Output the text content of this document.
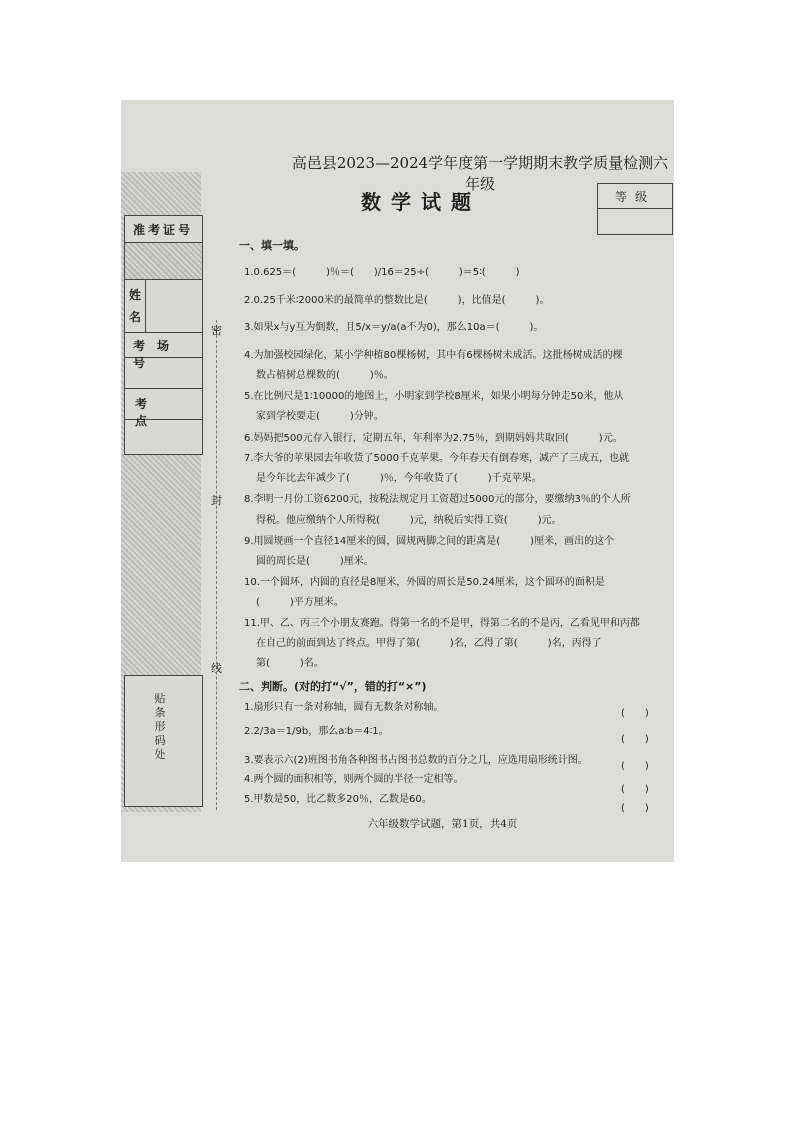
准考证号
姓名
考场号
考点
贴条形码处
密
封
线
高邑县2023—2024学年度第一学期期末教学质量检测六年级
数学试题	等级
一、填一填。
1.0.625＝(　　　)％＝(　　)/16＝25÷(　　　)＝5∶(　　　)
2.0.25千米∶2000米的最简单的整数比是(　　　)，比值是(　　　)。
3.如果x与y互为倒数，且5/x＝y/a(a不为0)，那么10a＝(　　　)。
4.为加强校园绿化，某小学种植80棵杨树，其中有6棵杨树未成活。这批杨树成活的棵
数占植树总棵数的(　　　)％。
5.在比例尺是1∶10000的地图上，小明家到学校8厘米，如果小明每分钟走50米，他从
家到学校要走(　　　)分钟。
6.妈妈把500元存入银行，定期五年，年利率为2.75％，到期妈妈共取回(　　　)元。
7.李大爷的苹果园去年收货了5000千克苹果。今年春天有倒春寒，减产了三成五，也就
是今年比去年减少了(　　　)％，今年收货了(　　　)千克苹果。
8.李明一月份工资6200元，按税法规定月工资超过5000元的部分，要缴纳3％的个人所
得税。他应缴纳个人所得税(　　　)元，纳税后实得工资(　　　)元。
9.用圆规画一个直径14厘米的圆，圆规两脚之间的距离是(　　　)厘米，画出的这个
圆的周长是(　　　)厘米。
10.一个圆环，内圆的直径是8厘米，外圆的周长是50.24厘米，这个圆环的面积是
(　　　)平方厘米。
11.甲、乙、丙三个小朋友赛跑。得第一名的不是甲，得第二名的不是丙，乙看见甲和丙都
在自己的前面到达了终点。甲得了第(　　　)名，乙得了第(　　　)名，丙得了
第(　　　)名。
二、判断。(对的打“√”，错的打“×”)
1.扇形只有一条对称轴，圆有无数条对称轴。
(　　)
2.2/3a＝1/9b，那么a∶b＝4∶1。
(　　)
3.要表示六(2)班图书角各种图书占图书总数的百分之几，应选用扇形统计图。
(　　)
4.两个圆的面积相等，则两个圆的半径一定相等。
(　　)
5.甲数是50，比乙数多20％，乙数是60。
(　　)
六年级数学试题，第1页，共4页
